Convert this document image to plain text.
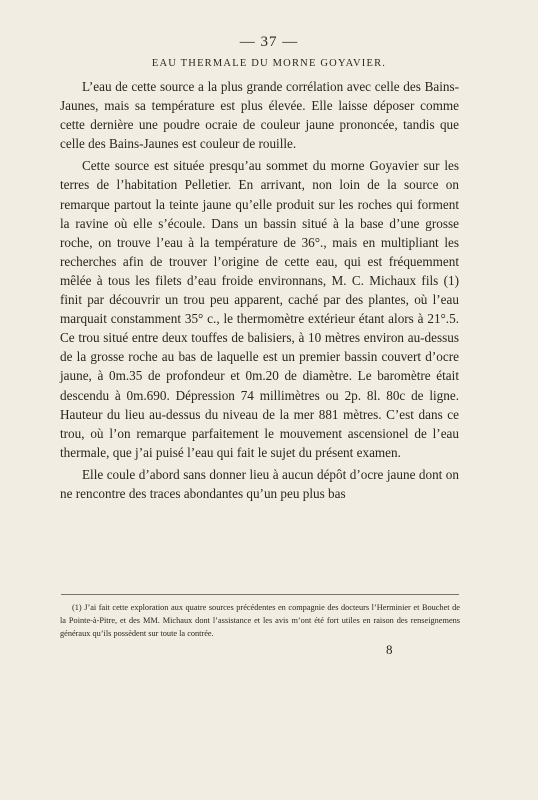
— 37 —
EAU THERMALE DU MORNE GOYAVIER.

L’eau de cette source a la plus grande corrélation avec celle des Bains-Jaunes, mais sa température est plus élevée. Elle laisse déposer comme cette dernière une poudre ocraie de couleur jaune prononcée, tandis que celle des Bains-Jaunes est couleur de rouille.

Cette source est située presqu’au sommet du morne Goyavier sur les terres de l’habitation Pelletier. En arrivant, non loin de la source on remarque partout la teinte jaune qu’elle produit sur les roches qui forment la ravine où elle s’écoule. Dans un bassin situé à la base d’une grosse roche, on trouve l’eau à la température de 36°., mais en multipliant les recherches afin de trouver l’origine de cette eau, qui est fréquemment mêlée à tous les filets d’eau froide environnans, M. C. Michaux fils (1) finit par découvrir un trou peu apparent, caché par des plantes, où l’eau marquait constamment 35° c., le thermomètre extérieur étant alors à 21°.5. Ce trou situé entre deux touffes de balisiers, à 10 mètres environ au-dessus de la grosse roche au bas de laquelle est un premier bassin couvert d’ocre jaune, à 0m.35 de profondeur et 0m.20 de diamètre. Le baromètre était descendu à 0m.690. Dépression 74 millimètres ou 2p. 8l. 80c de ligne. Hauteur du lieu au-dessus du niveau de la mer 881 mètres. C’est dans ce trou, où l’on remarque parfaitement le mouvement ascensionel de l’eau thermale, que j’ai puisé l’eau qui fait le sujet du présent examen.

Elle coule d’abord sans donner lieu à aucun dépôt d’ocre jaune dont on ne rencontre des traces abondantes qu’un peu plus bas

(1) J’ai fait cette exploration aux quatre sources précédentes en compagnie des docteurs l’Herminier et Bouchet de la Pointe-à-Pitre, et des MM. Michaux dont l’assistance et les avis m’ont été fort utiles en raison des renseignemens généraux qu’ils possèdent sur toute la contrée.

8
